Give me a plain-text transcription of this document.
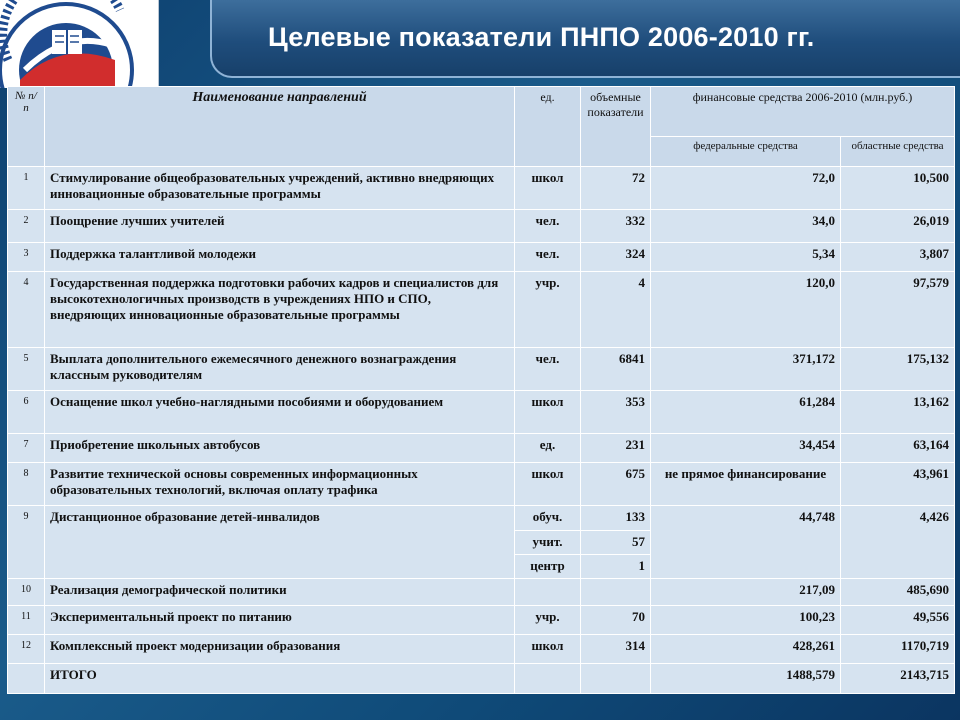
Целевые показатели ПНПО 2006-2010 гг.
№ п/п	Наименование направлений	ед.	объемные показатели	финансовые средства 2006-2010 (млн.руб.)	
				федеральные средства	областные средства
1	Стимулирование общеобразовательных учреждений, активно внедряющих инновационные образовательные программы	школ	72	72,0	10,500
2	Поощрение лучших учителей	чел.	332	34,0	26,019
3	Поддержка талантливой молодежи	чел.	324	5,34	3,807
4	Государственная поддержка подготовки рабочих кадров и специалистов для высокотехнологичных производств в учреждениях НПО и СПО, внедряющих инновационные образовательные программы	учр.	4	120,0	97,579
5	Выплата дополнительного ежемесячного денежного вознаграждения классным руководителям	чел.	6841	371,172	175,132
6	Оснащение школ учебно-наглядными пособиями и оборудованием	школ	353	61,284	13,162
7	Приобретение школьных автобусов	ед.	231	34,454	63,164
8	Развитие технической основы современных информационных образовательных технологий, включая оплату трафика	школ	675	не прямое финансирование	43,961
9	Дистанционное образование детей-инвалидов	обуч.	133	44,748	4,426
		учит.	57		
		центр	1		
10	Реализация демографической политики			217,09	485,690
11	Экспериментальный проект по питанию	учр.	70	100,23	49,556
12	Комплексный проект модернизации образования	школ	314	428,261	1170,719
	ИТОГО			1488,579	2143,715
